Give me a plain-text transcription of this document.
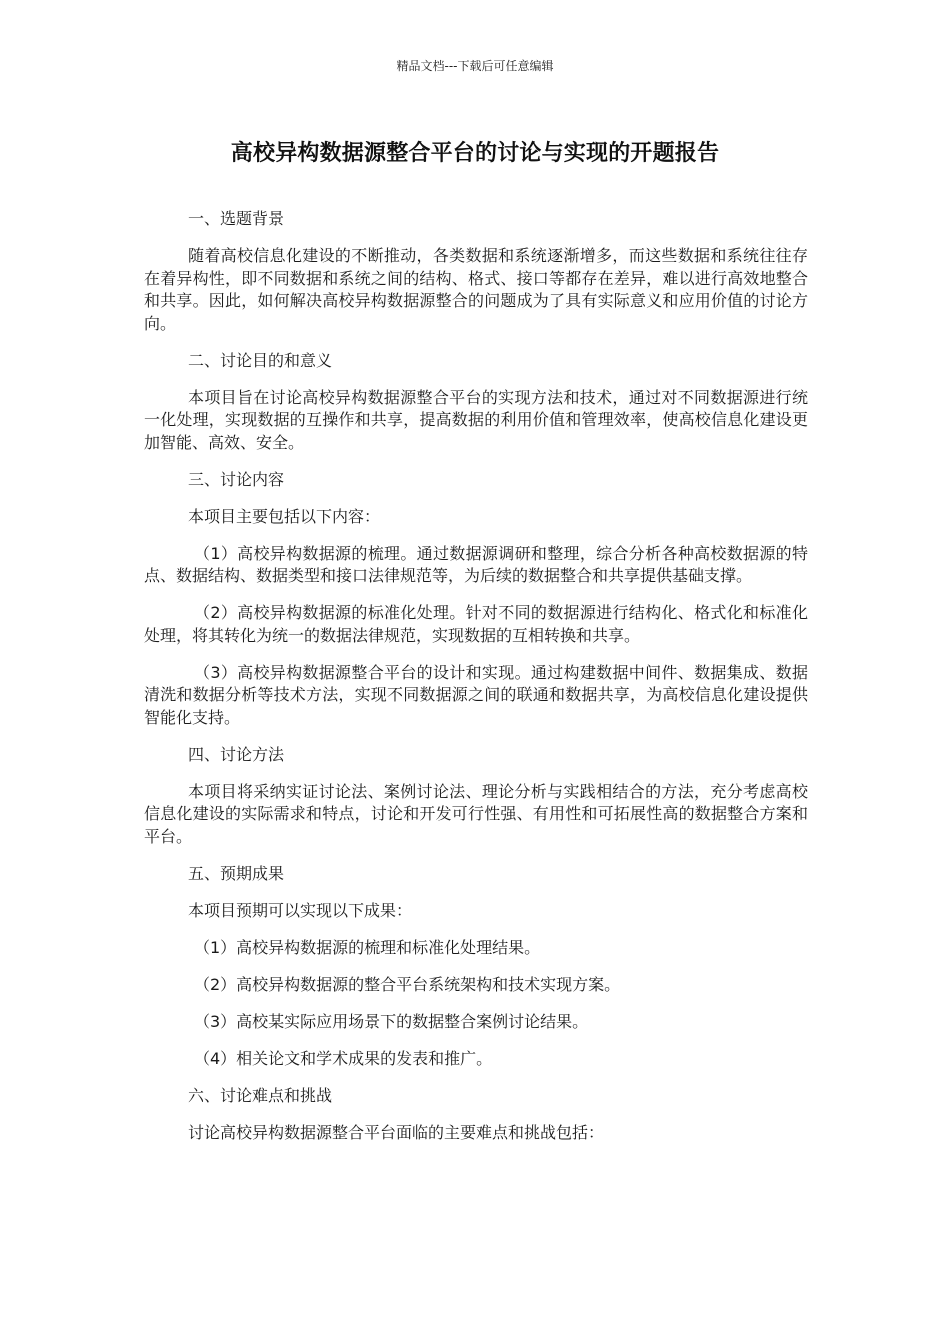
精品文档---下载后可任意编辑
高校异构数据源整合平台的讨论与实现的开题报告

一、选题背景

随着高校信息化建设的不断推动，各类数据和系统逐渐增多，而这些数据和系统往往存在着异构性，即不同数据和系统之间的结构、格式、接口等都存在差异，难以进行高效地整合和共享。因此，如何解决高校异构数据源整合的问题成为了具有实际意义和应用价值的讨论方向。

二、讨论目的和意义

本项目旨在讨论高校异构数据源整合平台的实现方法和技术，通过对不同数据源进行统一化处理，实现数据的互操作和共享，提高数据的利用价值和管理效率，使高校信息化建设更加智能、高效、安全。

三、讨论内容

本项目主要包括以下内容：

（1）高校异构数据源的梳理。通过数据源调研和整理，综合分析各种高校数据源的特点、数据结构、数据类型和接口法律规范等，为后续的数据整合和共享提供基础支撑。

（2）高校异构数据源的标准化处理。针对不同的数据源进行结构化、格式化和标准化处理，将其转化为统一的数据法律规范，实现数据的互相转换和共享。

（3）高校异构数据源整合平台的设计和实现。通过构建数据中间件、数据集成、数据清洗和数据分析等技术方法，实现不同数据源之间的联通和数据共享，为高校信息化建设提供智能化支持。

四、讨论方法

本项目将采纳实证讨论法、案例讨论法、理论分析与实践相结合的方法，充分考虑高校信息化建设的实际需求和特点，讨论和开发可行性强、有用性和可拓展性高的数据整合方案和平台。

五、预期成果

本项目预期可以实现以下成果：

（1）高校异构数据源的梳理和标准化处理结果。

（2）高校异构数据源的整合平台系统架构和技术实现方案。

（3）高校某实际应用场景下的数据整合案例讨论结果。

（4）相关论文和学术成果的发表和推广。

六、讨论难点和挑战

讨论高校异构数据源整合平台面临的主要难点和挑战包括：
